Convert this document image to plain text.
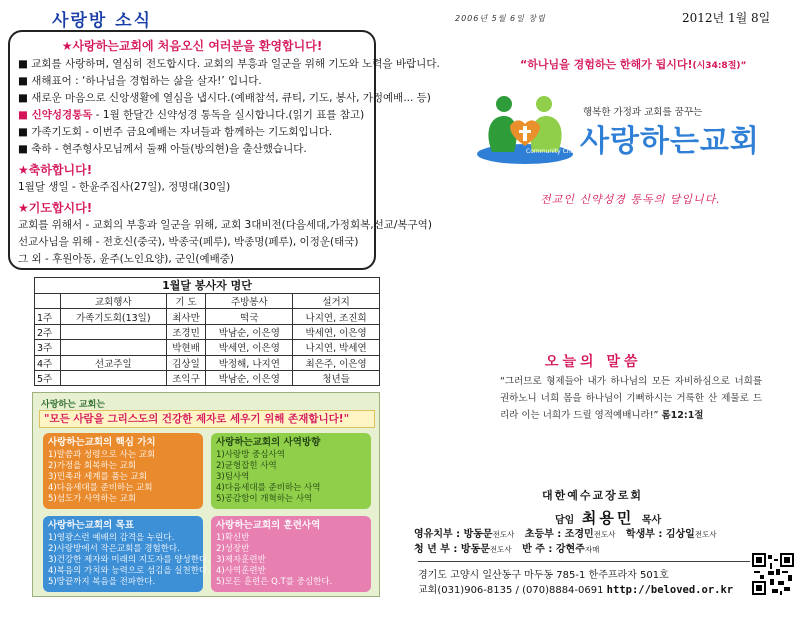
사랑방 소식
★사랑하는교회에 처음오신 여러분을 환영합니다!
■ 교회를 사랑하며, 열심히 전도합시다. 교회의 부흥과 일군을 위해 기도와 노력을 바랍니다.
■ 새해표어 : ‘하나님을 경험하는 삶을 살자!’ 입니다.
■ 새로운 마음으로 신앙생활에 열심을 냅시다.(예배참석, 큐티, 기도, 봉사, 가정예배... 등)
■ 신약성경통독 - 1월 한달간 신약성경 통독을 실시합니다.(읽기 표를 참고)
■ 가족기도회 - 이번주 금요예배는 자녀들과 함께하는 기도회입니다.
■ 축하 - 현주형사모님께서 둘째 아들(방의현)을 출산했습니다.
★축하합니다!
1월달 생일 - 한윤주집사(27일), 정명대(30일)
★기도합시다!
교회를 위해서 - 교회의 부흥과 일군을 위해, 교회 3대비전(다음세대,가정회복,선교/복구역)
선교사님을 위해 - 전호신(중국), 박종국(페루), 박종명(페루), 이정운(태국)
그 외 - 후원아동, 윤주(노인요양), 군인(예배중)
1월달 봉사자 명단
	교회행사	기 도	주방봉사	설거지
1주	가족기도회(13일)	최사만	떡국	나지연, 조진희
2주		조경민	박남순, 이은영	박세연, 이은영
3주		박현배	박세연, 이은영	나지연, 박세연
4주	선교주일	김상일	박정해, 나지연	최은주, 이은영
5주		조익구	박남순, 이은영	청년들
사랑하는 교회는
"모든 사람을 그리스도의 건강한 제자로 세우기 위해 존재합니다!"
사랑하는교회의 핵심 가치
1)말씀과 성령으로 사는 교회
2)가정을 회복하는 교회
3)민족과 세계를 품는 교회
4)다음세대를 준비하는 교회
5)섬도가 사역하는 교회
사랑하는교회의 사역방향
1)사랑방 중심사역
2)균형잡힌 사역
3)팀사역
4)다음세대를 준비하는 사역
5)공감함이 개혁하는 사역
사랑하는교회의 목표
1)영광스런 예배의 감격을 누린다.
2)사랑방에서 작은교회를 경험한다.
3)건강한 제자와 미래의 지도자를 양성한다.
4)복음의 가치와 능력으로 섬김을 실천한다.
5)땅끝까지 복음을 전파한다.
사랑하는교회의 훈련사역
1)확신반
2)성장반
3)제자훈련반
4)사역훈련반
5)모든 훈련은 Q.T를 중심한다.
2006년 5월 6일 창립	2012년 1월 8일
“하나님을 경험하는 한해가 됩시다!(시34:8절)”
Community Church
행복한 가정과 교회를 꿈꾸는
사랑하는교회
전교인 신약성경 통독의 달입니다.
오늘의 말씀
“그러므로 형제들아 내가 하나님의 모든 자비하심으로 너희를 권하노니 너희 몸을 하나님이 기뻐하시는 거룩한 산 제물로 드리라 이는 너희가 드릴 영적예배니라!” 롬12:1절
대한예수교장로회
담임 최용민 목사
영유치부 : 방동문전도사 초등부 : 조경민전도사 학생부 : 김상일전도사
청 년 부 : 방동문전도사 반 주 : 강현주자매
경기도 고양시 일산동구 마두동 785-1 한주프라자 501호
교회(031)906-8135 / (070)8884-0691 http://beloved.or.kr
